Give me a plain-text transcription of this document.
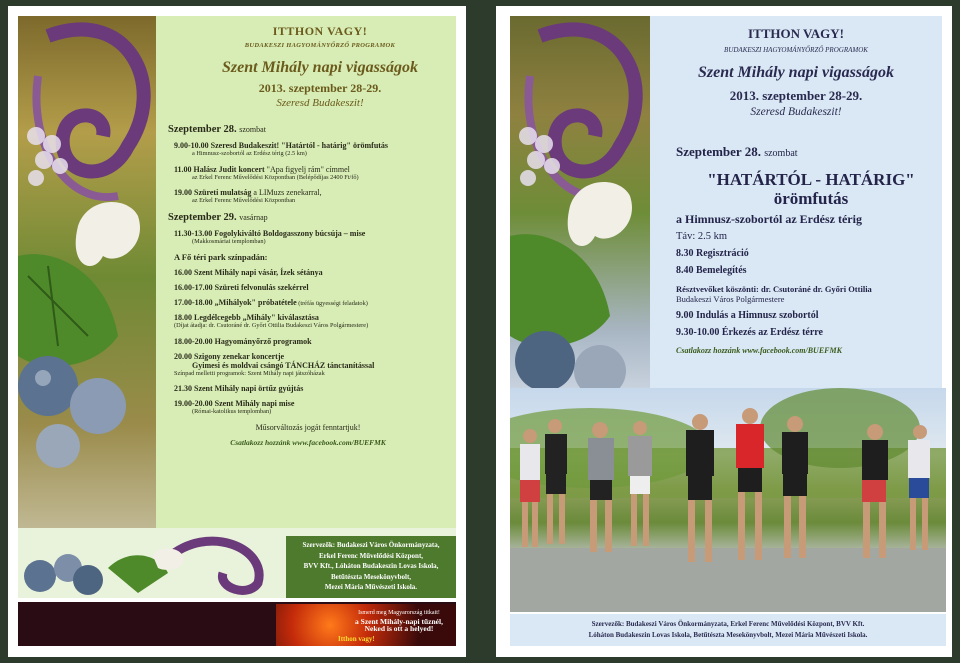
ITTHON VAGY!
BUDAKESZI HAGYOMÁNYŐRZŐ PROGRAMOK
Szent Mihály napi vigasságok
2013. szeptember 28-29.
Szeresd Budakeszit!
Szeptember 28. szombat
9.00-10.00 Szeresd Budakeszit! "Határtól - határig" örömfutás
a Himnusz-szobortól az Erdész térig (2.5 km)
11.00 Halász Judit koncert "Apa figyelj rám" címmel
az Erkel Ferenc Művelődési Központban (Belépődíjas 2400 Ft/fő)
19.00 Szüreti mulatság a LIMuzs zenekarral,
az Erkel Ferenc Művelődési Központban
Szeptember 29. vasárnap
11.30-13.00 Fogolykiváltó Boldogasszony búcsúja – mise
(Makkosmáriai templomban)
A Fő téri park színpadán:
16.00 Szent Mihály napi vásár, Ízek sétánya
16.00-17.00 Szüreti felvonulás szekérrel
17.00-18.00 „Mihályok" próbatétele (tréfás ügyességi feladatok)
18.00 Legdélcegebb „Mihály" kiválasztása
(Díjat átadja: dr. Csutoráné dr. Győri Ottilia Budakeszi Város Polgármestere)
18.00-20.00 Hagyományőrző programok
20.00 Szigony zenekar koncertje
Gyimesi és moldvai csángó TÁNCHÁZ tánctanítással
Színpad melletti programok: Szent Mihály napi játszóházak
21.30 Szent Mihály napi örtűz gyújtás
19.00-20.00 Szent Mihály napi mise
(Római-katolikus templomban)
Műsorváltozás jogát fenntartjuk!
Csatlakozz hozzánk www.facebook.com/BUEFMK
Szervezők: Budakeszi Város Önkormányzata,
Erkel Ferenc Művelődési Központ,
BVV Kft., Lóháton Budakeszin Lovas Iskola,
Betűtészta Mesekönyvbolt,
Mezei Mária Művészeti Iskola.
Ismerd meg Magyarország titkait!
a Szent Mihály-napi tűznél,
Neked is ott a helyed!
Itthon vagy!
ITTHON VAGY!
BUDAKESZI HAGYOMÁNYŐRZŐ PROGRAMOK
Szent Mihály napi vigasságok
2013. szeptember 28-29.
Szeresd Budakeszit!
Szeptember 28. szombat
"HATÁRTÓL - HATÁRIG"
örömfutás
a Himnusz-szobortól az Erdész térig
Táv: 2.5 km
8.30 Regisztráció
8.40 Bemelegítés
Résztvevőket köszönti: dr. Csutoráné dr. Győri Ottilia
Budakeszi Város Polgármestere
9.00 Indulás a Himnusz szobortól
9.30-10.00 Érkezés az Erdész térre
Csatlakozz hozzánk www.facebook.com/BUEFMK
Szervezők: Budakeszi Város Önkormányzata, Erkel Ferenc Művelődési Központ, BVV Kft.
Lóháton Budakeszin Lovas Iskola, Betűtészta Mesekönyvbolt, Mezei Mária Művészeti Iskola.
